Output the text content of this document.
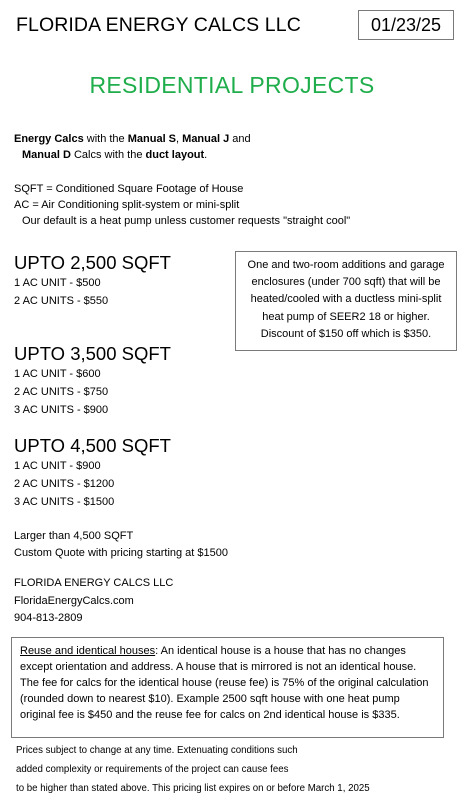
FLORIDA ENERGY CALCS LLC	01/23/25
RESIDENTIAL PROJECTS
Energy Calcs with the Manual S, Manual J and
Manual D Calcs with the duct layout.
SQFT = Conditioned Square Footage of House
AC = Air Conditioning split-system or mini-split
Our default is a heat pump unless customer requests "straight cool"
UPTO 2,500 SQFT
1 AC UNIT - $500
2 AC UNITS - $550
One and two-room additions and garage enclosures (under 700 sqft) that will be heated/cooled with a ductless mini-split heat pump of SEER2 18 or higher. Discount of $150 off which is $350.
UPTO 3,500 SQFT
1 AC UNIT - $600
2 AC UNITS - $750
3 AC UNITS - $900
UPTO 4,500 SQFT
1 AC UNIT - $900
2 AC UNITS - $1200
3 AC UNITS - $1500
Larger than 4,500 SQFT
Custom Quote with pricing starting at $1500
FLORIDA ENERGY CALCS LLC
FloridaEnergyCalcs.com
904-813-2809
Reuse and identical houses: An identical house is a house that has no changes except orientation and address. A house that is mirrored is not an identical house. The fee for calcs for the identical house (reuse fee) is 75% of the original calculation (rounded down to nearest $10). Example 2500 sqft house with one heat pump original fee is $450 and the reuse fee for calcs on 2nd identical house is $335.
Prices subject to change at any time. Extenuating conditions such
added complexity or requirements of the project can cause fees
to be higher than stated above. This pricing list expires on or before March 1, 2025
